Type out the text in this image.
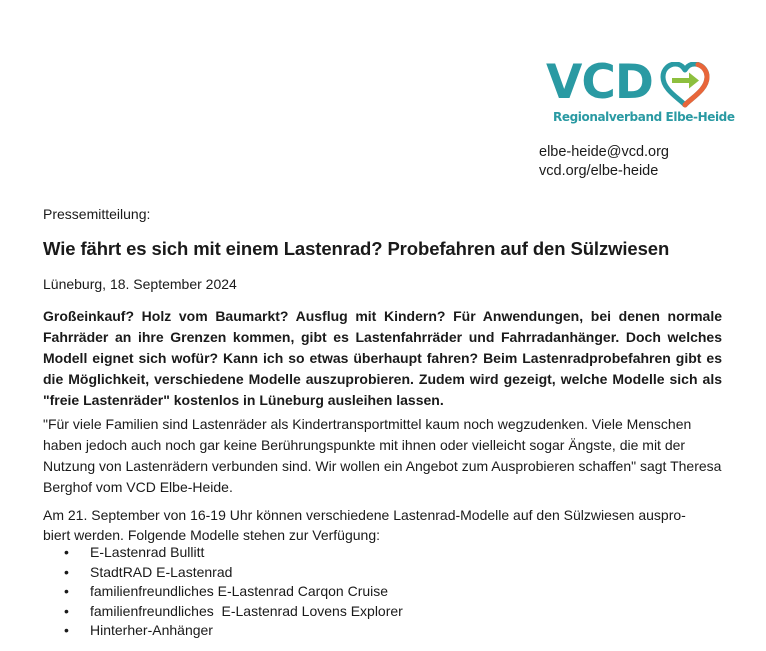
VCD
Regionalverband Elbe-Heide
elbe-heide@vcd.org
vcd.org/elbe-heide
Pressemitteilung:
Wie fährt es sich mit einem Lastenrad? Probefahren auf den Sülzwiesen
Lüneburg, 18. September 2024

Großeinkauf? Holz vom Baumarkt? Ausflug mit Kindern? Für Anwendungen, bei denen normale Fahrräder an ihre Grenzen kommen, gibt es Lastenfahrräder und Fahrradanhänger. Doch welches Modell eignet sich wofür? Kann ich so etwas überhaupt fahren? Beim Lastenradprobefahren gibt es die Möglichkeit, verschiedene Modelle auszuprobieren. Zudem wird gezeigt, welche Modelle sich als "freie Lastenräder" kostenlos in Lüneburg ausleihen lassen.

"Für viele Familien sind Lastenräder als Kindertransportmittel kaum noch wegzudenken. Viele Menschen haben jedoch auch noch gar keine Berührungspunkte mit ihnen oder vielleicht sogar Ängste, die mit der Nutzung von Lastenrädern verbunden sind. Wir wollen ein Angebot zum Ausprobieren schaffen" sagt Theresa Berghof vom VCD Elbe-Heide.

Am 21. September von 16-19 Uhr können verschiedene Lastenrad-Modelle auf den Sülzwiesen auspro-
biert werden. Folgende Modelle stehen zur Verfügung:

• E-Lastenrad Bullitt
• StadtRAD E-Lastenrad
• familienfreundliches E-Lastenrad Carqon Cruise
• familienfreundliches  E-Lastenrad Lovens Explorer
• Hinterher-Anhänger
